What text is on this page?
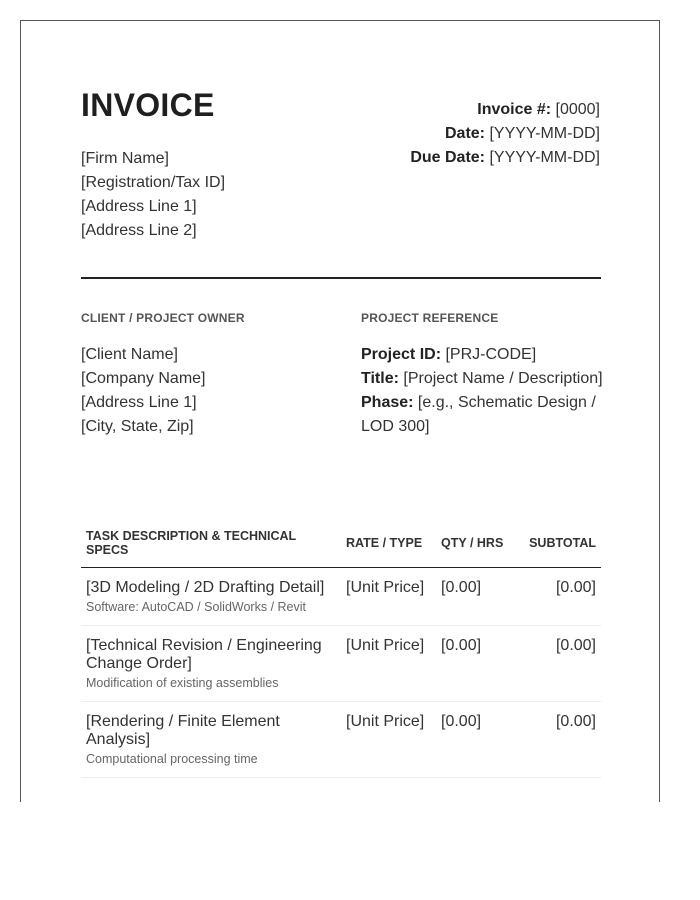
INVOICE
[Firm Name]
[Registration/Tax ID]
[Address Line 1]
[Address Line 2]
Invoice #: [0000]
Date: [YYYY-MM-DD]
Due Date: [YYYY-MM-DD]
CLIENT / PROJECT OWNER	PROJECT REFERENCE
[Client Name]
[Company Name]
[Address Line 1]
[City, State, Zip]
Project ID: [PRJ-CODE]
Title: [Project Name / Description]
Phase: [e.g., Schematic Design / LOD 300]
TASK DESCRIPTION & TECHNICAL SPECS	RATE / TYPE	QTY / HRS	SUBTOTAL
[3D Modeling / 2D Drafting Detail]
Software: AutoCAD / SolidWorks / Revit	[Unit Price]	[0.00]	[0.00]
[Technical Revision / Engineering Change Order]
Modification of existing assemblies	[Unit Price]	[0.00]	[0.00]
[Rendering / Finite Element Analysis]
Computational processing time	[Unit Price]	[0.00]	[0.00]
